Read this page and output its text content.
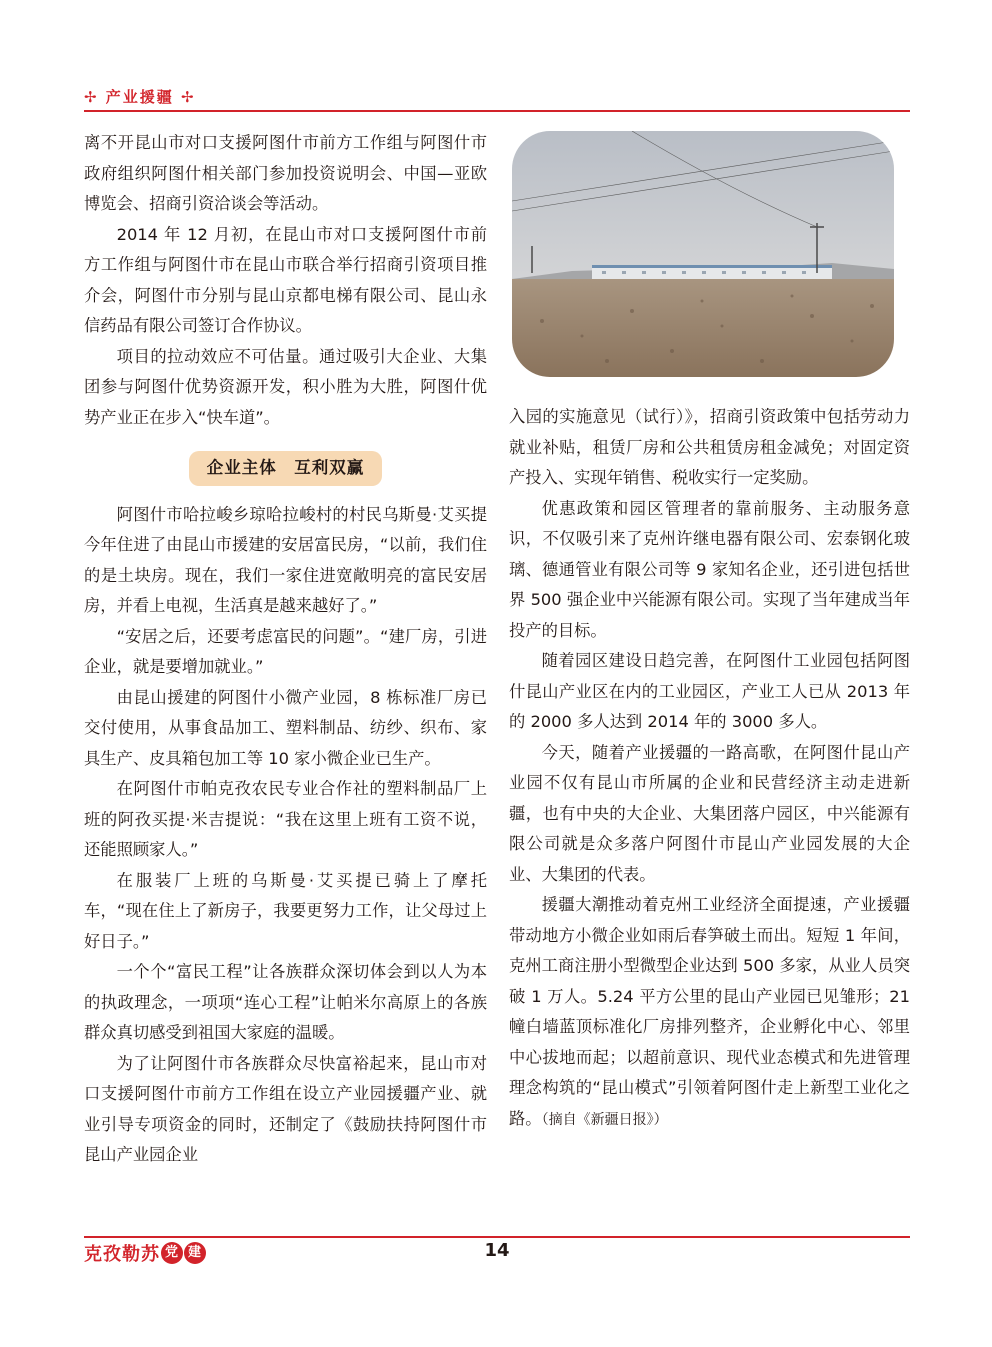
✢ 产业援疆 ✢

离不开昆山市对口支援阿图什市前方工作组与阿图什市政府组织阿图什相关部门参加投资说明会、中国—亚欧博览会、招商引资洽谈会等活动。

2014 年 12 月初，在昆山市对口支援阿图什市前方工作组与阿图什市在昆山市联合举行招商引资项目推介会，阿图什市分别与昆山京都电梯有限公司、昆山永信药品有限公司签订合作协议。

项目的拉动效应不可估量。通过吸引大企业、大集团参与阿图什优势资源开发，积小胜为大胜，阿图什优势产业正在步入“快车道”。

企业主体　互利双赢

阿图什市哈拉峻乡琼哈拉峻村的村民乌斯曼·艾买提今年住进了由昆山市援建的安居富民房，“以前，我们住的是土块房。现在，我们一家住进宽敞明亮的富民安居房，并看上电视，生活真是越来越好了。”

“安居之后，还要考虑富民的问题”。“建厂房，引进企业，就是要增加就业。”

由昆山援建的阿图什小微产业园，8 栋标准厂房已交付使用，从事食品加工、塑料制品、纺纱、织布、家具生产、皮具箱包加工等 10 家小微企业已生产。

在阿图什市帕克孜农民专业合作社的塑料制品厂上班的阿孜买提·米吉提说：“我在这里上班有工资不说，还能照顾家人。”

在服装厂上班的乌斯曼·艾买提已骑上了摩托车，“现在住上了新房子，我要更努力工作，让父母过上好日子。”

一个个“富民工程”让各族群众深切体会到以人为本的执政理念，一项项“连心工程”让帕米尔高原上的各族群众真切感受到祖国大家庭的温暖。

为了让阿图什市各族群众尽快富裕起来，昆山市对口支援阿图什市前方工作组在设立产业园援疆产业、就业引导专项资金的同时，还制定了《鼓励扶持阿图什市昆山产业园企业

入园的实施意见（试行）》，招商引资政策中包括劳动力就业补贴，租赁厂房和公共租赁房租金减免；对固定资产投入、实现年销售、税收实行一定奖励。

优惠政策和园区管理者的靠前服务、主动服务意识，不仅吸引来了克州许继电器有限公司、宏泰钢化玻璃、德通管业有限公司等 9 家知名企业，还引进包括世界 500 强企业中兴能源有限公司。实现了当年建成当年投产的目标。

随着园区建设日趋完善，在阿图什工业园包括阿图什昆山产业区在内的工业园区，产业工人已从 2013 年的 2000 多人达到 2014 年的 3000 多人。

今天，随着产业援疆的一路高歌，在阿图什昆山产业园不仅有昆山市所属的企业和民营经济主动走进新疆，也有中央的大企业、大集团落户园区，中兴能源有限公司就是众多落户阿图什市昆山产业园发展的大企业、大集团的代表。

援疆大潮推动着克州工业经济全面提速，产业援疆带动地方小微企业如雨后春笋破土而出。短短 1 年间，克州工商注册小型微型企业达到 500 多家，从业人员突破 1 万人。5.24 平方公里的昆山产业园已见雏形；21 幢白墙蓝顶标准化厂房排列整齐，企业孵化中心、邻里中心拔地而起；以超前意识、现代业态模式和先进管理理念构筑的“昆山模式”引领着阿图什走上新型工业化之路。（摘自《新疆日报》）

克孜勒苏 党 建	14
